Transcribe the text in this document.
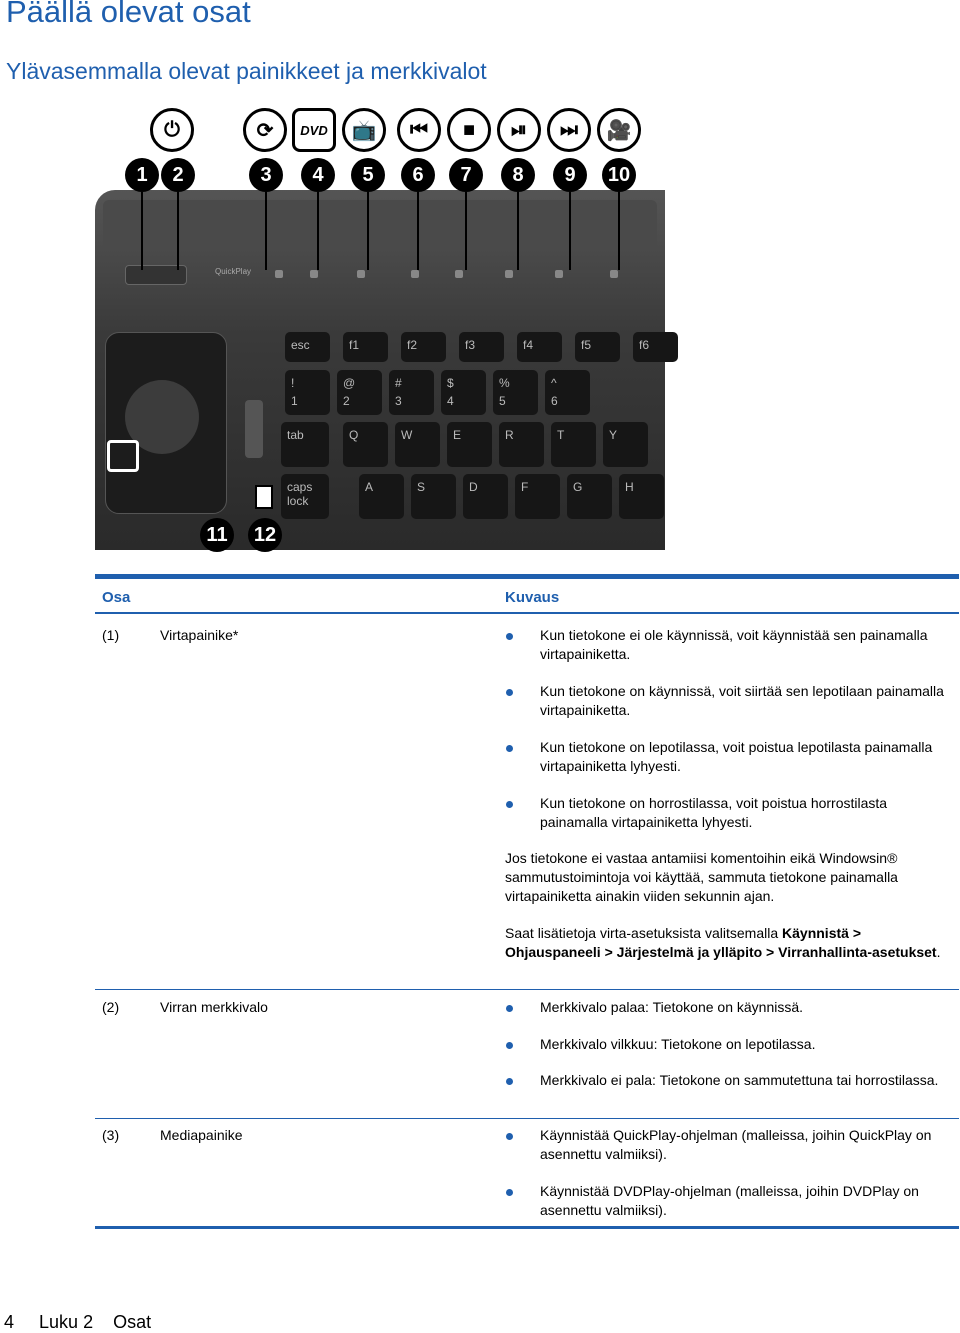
Päällä olevat osat
Ylävasemmalla olevat painikkeet ja merkkivalot
QuickPlay
⏻	⟳	DVD	📺	⏮	■	⏯	⏭	🎥
1	2	3	4	5	6	7	8	9	10
11	12
esc	f1	f2	f3	f4	f5	f6
!	@	#	$	%	^
1	2	3	4	5	6
tab	Q	W	E	R	T	Y
caps lock
A	S	D	F	G	H
Osa	Kuvaus
(1)	Virtapainike*	Kun tietokone ei ole käynnissä, voit käynnistää sen painamalla virtapainiketta.

Kun tietokone on käynnissä, voit siirtää sen lepotilaan painamalla virtapainiketta.

Kun tietokone on lepotilassa, voit poistua lepotilasta painamalla virtapainiketta lyhyesti.

Kun tietokone on horrostilassa, voit poistua horrostilasta painamalla virtapainiketta lyhyesti.

Jos tietokone ei vastaa antamiisi komentoihin eikä Windowsin® sammutustoimintoja voi käyttää, sammuta tietokone painamalla virtapainiketta ainakin viiden sekunnin ajan.

Saat lisätietoja virta-asetuksista valitsemalla Käynnistä > Ohjauspaneeli > Järjestelmä ja ylläpito > Virranhallinta-asetukset.

(2)	Virran merkkivalo	Merkkivalo palaa: Tietokone on käynnissä.

Merkkivalo vilkkuu: Tietokone on lepotilassa.

Merkkivalo ei pala: Tietokone on sammutettuna tai horrostilassa.

(3)	Mediapainike	Käynnistää QuickPlay-ohjelman (malleissa, joihin QuickPlay on asennettu valmiiksi).

Käynnistää DVDPlay-ohjelman (malleissa, joihin DVDPlay on asennettu valmiiksi).

4 Luku 2 Osat
